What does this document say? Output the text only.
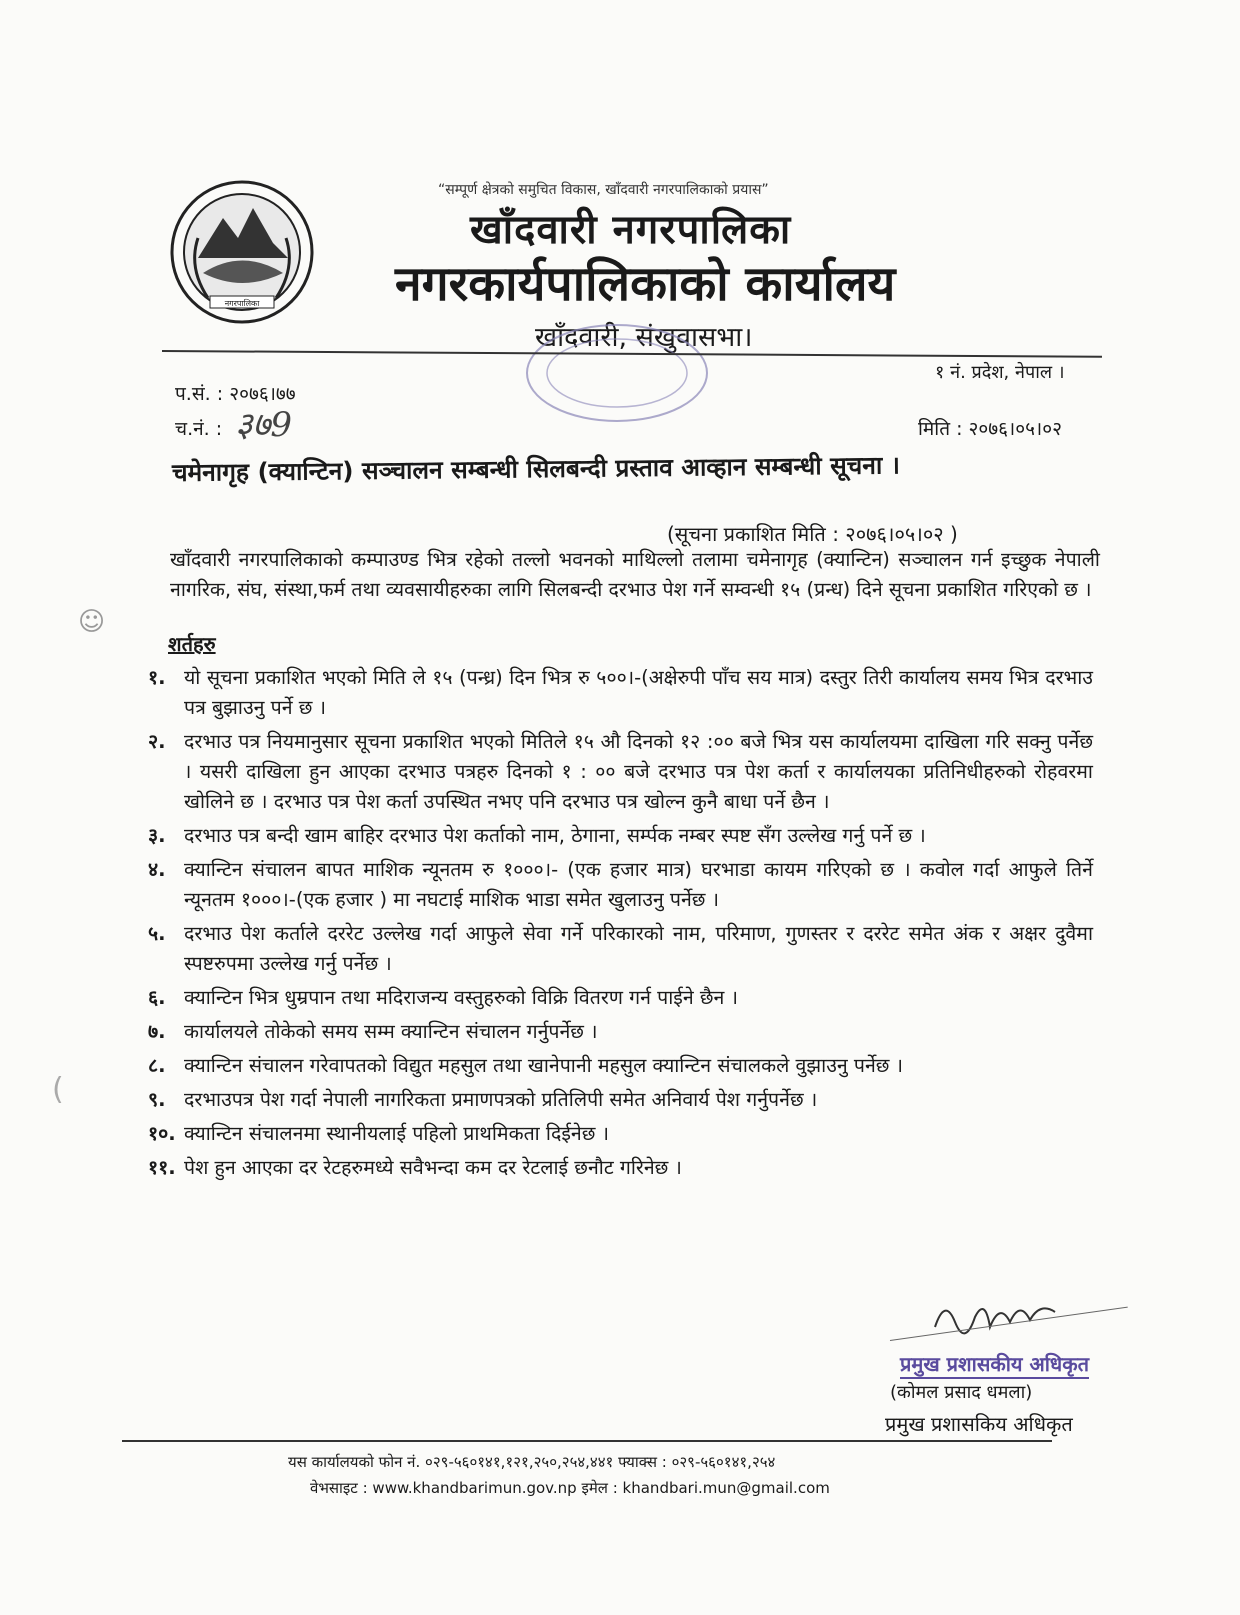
नगरपालिका
“सम्पूर्ण क्षेत्रको समुचित विकास, खाँदवारी नगरपालिकाको प्रयास”
खाँदवारी नगरपालिका
नगरकार्यपालिकाको कार्यालय
खाँदवारी, संखुवासभा।
१ नं. प्रदेश, नेपाल ।
प.सं. : २०७६।७७
च.नं. : ३७9	मिति : २०७६।०५।०२
चमेनागृह (क्यान्टिन) सञ्चालन सम्बन्धी सिलबन्दी प्रस्ताव आव्हान सम्बन्धी सूचना ।
(सूचना प्रकाशित मिति : २०७६।०५।०२ )
खाँदवारी नगरपालिकाको कम्पाउण्ड भित्र रहेको तल्लो भवनको माथिल्लो तलामा चमेनागृह (क्यान्टिन) सञ्चालन गर्न इच्छुक नेपाली नागरिक, संघ, संस्था,फर्म तथा व्यवसायीहरुका लागि सिलबन्दी दरभाउ पेश गर्ने सम्वन्धी १५ (प्रन्ध) दिने सूचना प्रकाशित गरिएको छ ।
☺
(
शर्तहरु
१. यो सूचना प्रकाशित भएको मिति ले १५ (पन्ध्र) दिन भित्र रु ५००।-(अक्षेरुपी पाँच सय मात्र) दस्तुर तिरी कार्यालय समय भित्र दरभाउ पत्र बुझाउनु पर्ने छ ।
२. दरभाउ पत्र नियमानुसार सूचना प्रकाशित भएको मितिले १५ औ दिनको १२ :०० बजे भित्र यस कार्यालयमा दाखिला गरि सक्नु पर्नेछ । यसरी दाखिला हुन आएका दरभाउ पत्रहरु दिनको १ : ०० बजे दरभाउ पत्र पेश कर्ता र कार्यालयका प्रतिनिधीहरुको रोहवरमा खोलिने छ । दरभाउ पत्र पेश कर्ता उपस्थित नभए पनि दरभाउ पत्र खोल्न कुनै बाधा पर्ने छैन ।
३. दरभाउ पत्र बन्दी खाम बाहिर दरभाउ पेश कर्ताको नाम, ठेगाना, सर्म्पक नम्बर स्पष्ट सँग उल्लेख गर्नु पर्ने छ ।
४. क्यान्टिन संचालन बापत माशिक न्यूनतम रु १०००।- (एक हजार मात्र) घरभाडा कायम गरिएको छ । कवोल गर्दा आफुले तिर्ने न्यूनतम १०००।-(एक हजार ) मा नघटाई माशिक भाडा समेत खुलाउनु पर्नेछ ।
५. दरभाउ पेश कर्ताले दररेट उल्लेख गर्दा आफुले सेवा गर्ने परिकारको नाम, परिमाण, गुणस्तर र दररेट समेत अंक र अक्षर दुवैमा स्पष्टरुपमा उल्लेख गर्नु पर्नेछ ।
६. क्यान्टिन भित्र धुम्रपान तथा मदिराजन्य वस्तुहरुको विक्रि वितरण गर्न पाईने छैन ।
७. कार्यालयले तोकेको समय सम्म क्यान्टिन संचालन गर्नुपर्नेछ ।
८. क्यान्टिन संचालन गरेवापतको विद्युत महसुल तथा खानेपानी महसुल क्यान्टिन संचालकले वुझाउनु पर्नेछ ।
९. दरभाउपत्र पेश गर्दा नेपाली नागरिकता प्रमाणपत्रको प्रतिलिपी समेत अनिवार्य पेश गर्नुपर्नेछ ।
१०. क्यान्टिन संचालनमा स्थानीयलाई पहिलो प्राथमिकता दिईनेछ ।
११. पेश हुन आएका दर रेटहरुमध्ये सवैभन्दा कम दर रेटलाई छनौट गरिनेछ ।
प्रमुख प्रशासकीय अधिकृत
(कोमल प्रसाद धमला)
प्रमुख प्रशासकिय अधिकृत
यस कार्यालयको फोन नं. ०२९-५६०१४१,१२१,२५०,२५४,४४१ फ्याक्स : ०२९-५६०१४१,२५४
वेभसाइट : www.khandbarimun.gov.np इमेल : khandbari.mun@gmail.com
